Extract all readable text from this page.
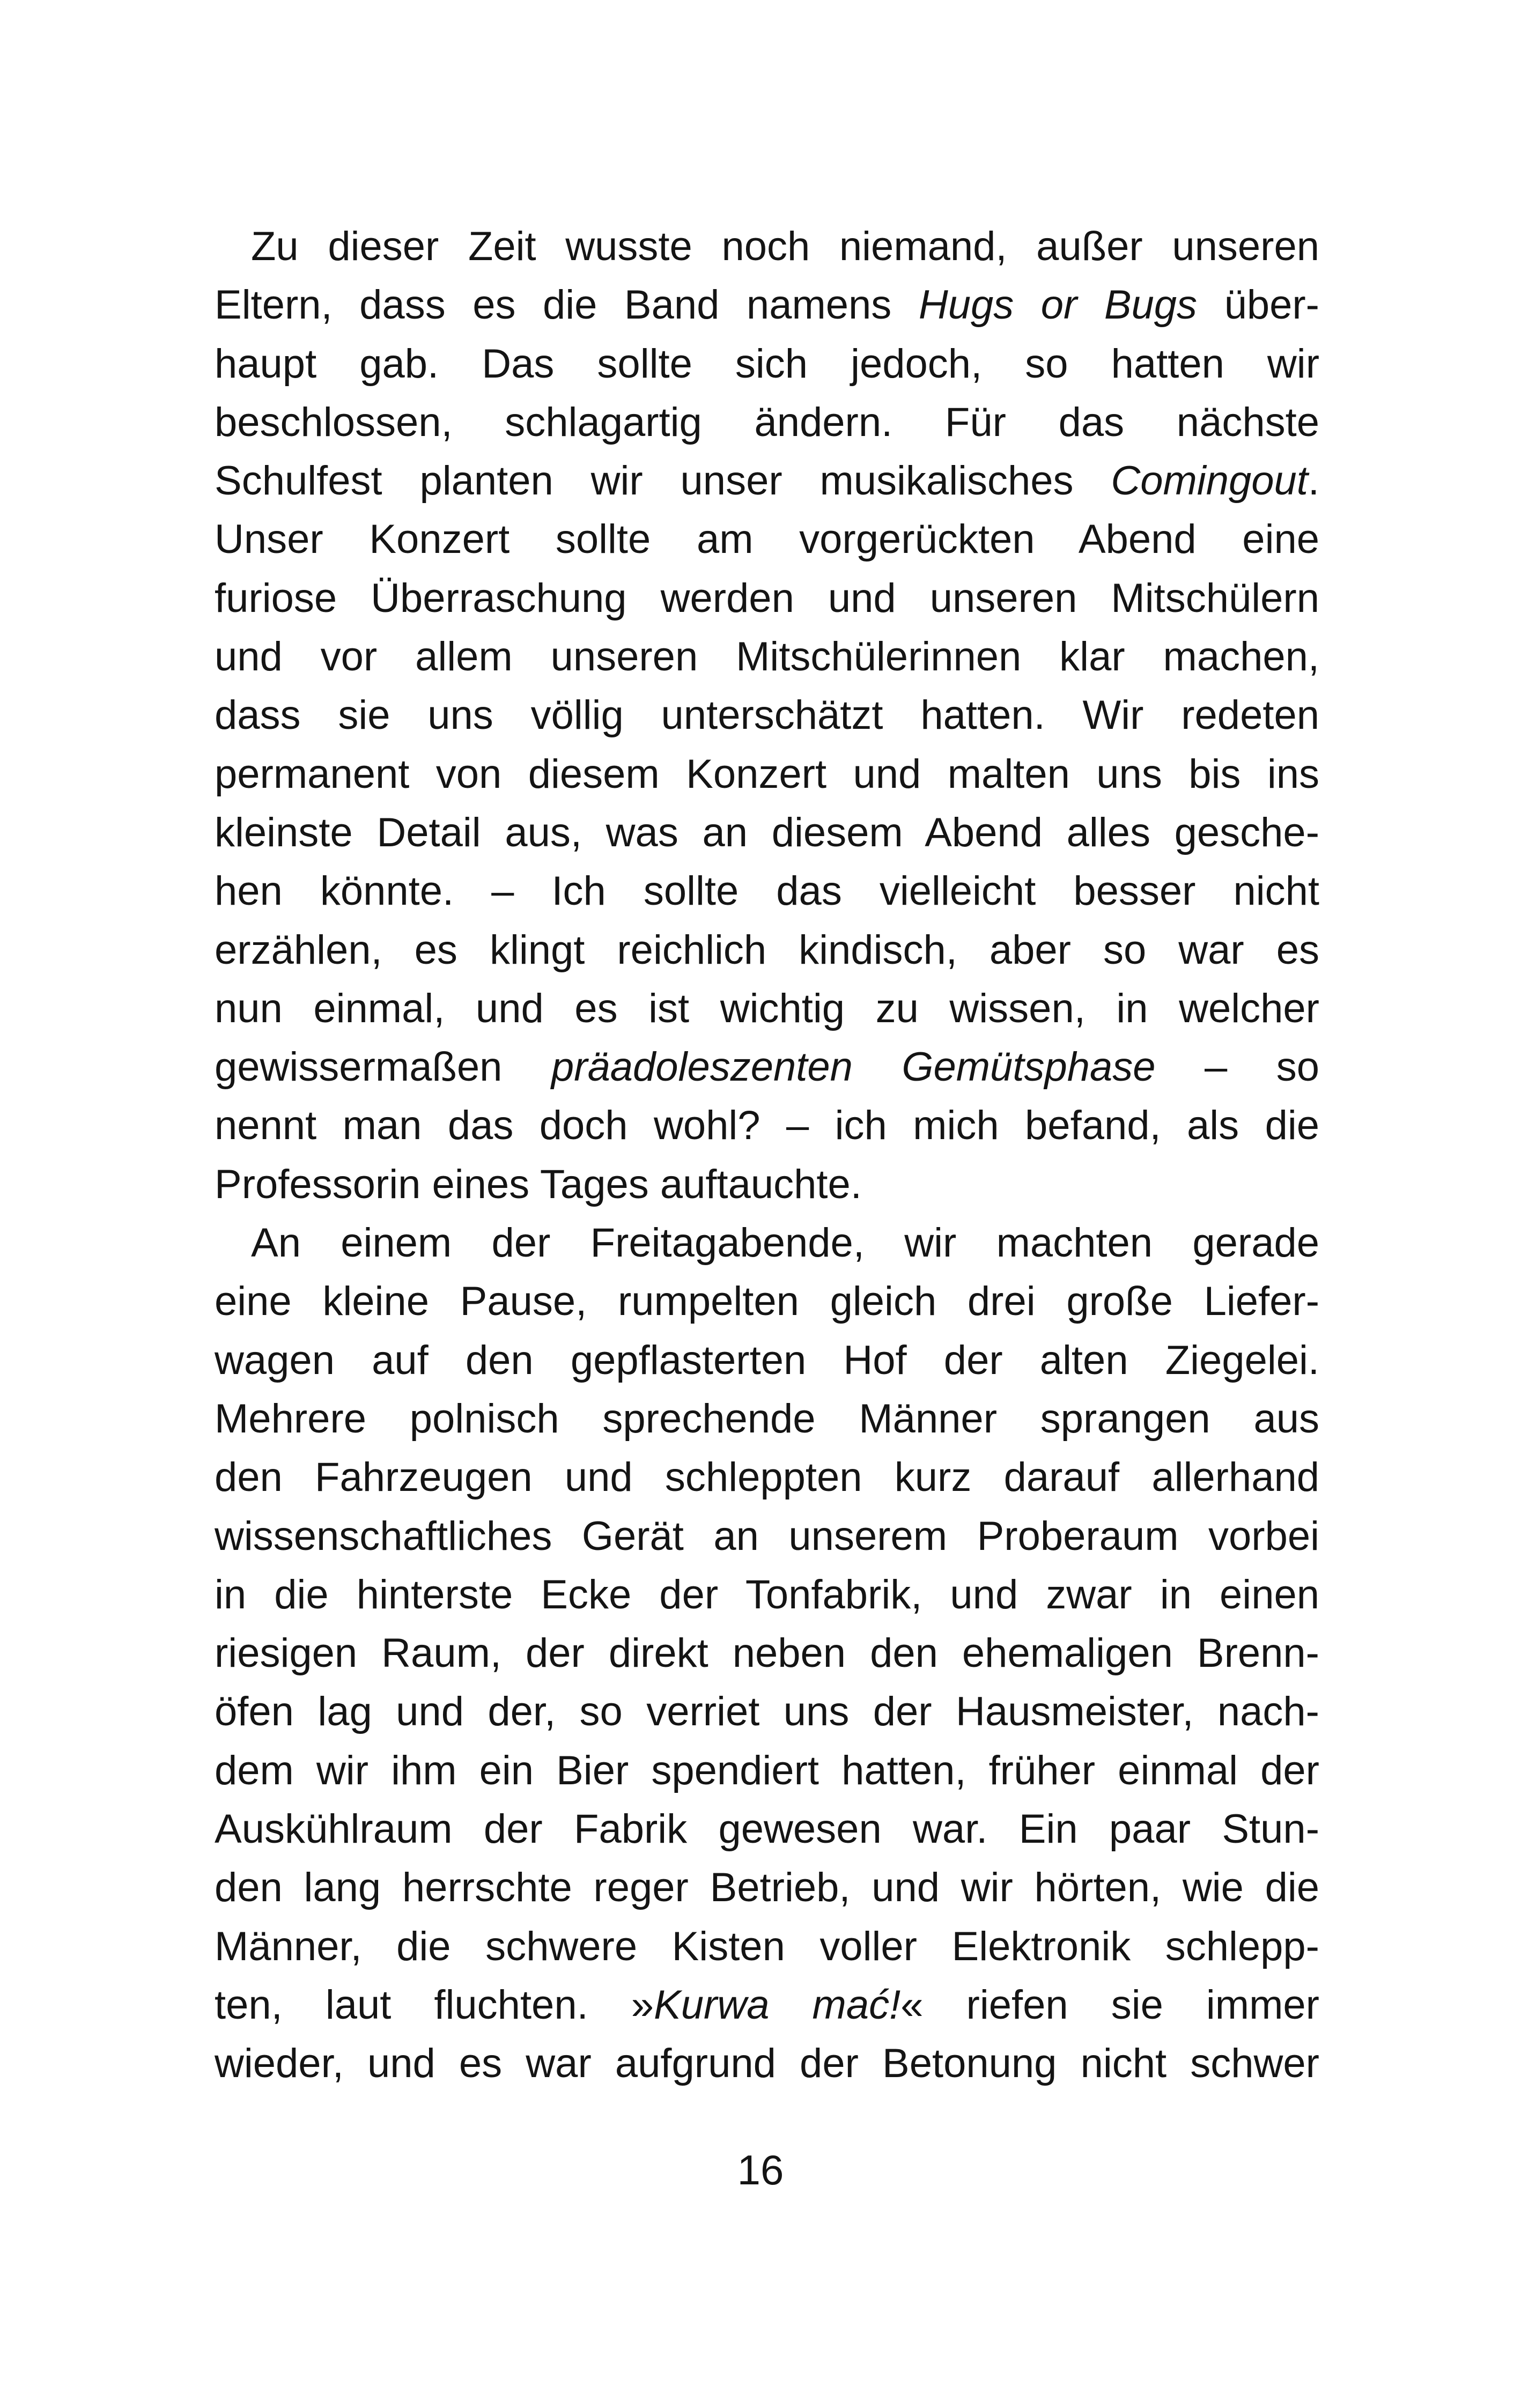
Zu dieser Zeit wusste noch niemand, außer unseren
Eltern, dass es die Band namens Hugs or Bugs über-
haupt gab. Das sollte sich jedoch, so hatten wir
beschlossen, schlagartig ändern. Für das nächste
Schulfest planten wir unser musikalisches Comingout.
Unser Konzert sollte am vorgerückten Abend eine
furiose Überraschung werden und unseren Mitschülern
und vor allem unseren Mitschülerinnen klar machen,
dass sie uns völlig unterschätzt hatten. Wir redeten
permanent von diesem Konzert und malten uns bis ins
kleinste Detail aus, was an diesem Abend alles gesche-
hen könnte. – Ich sollte das vielleicht besser nicht
erzählen, es klingt reichlich kindisch, aber so war es
nun einmal, und es ist wichtig zu wissen, in welcher
gewissermaßen präadoleszenten Gemütsphase – so
nennt man das doch wohl? – ich mich befand, als die
Professorin eines Tages auftauchte.
An einem der Freitagabende, wir machten gerade
eine kleine Pause, rumpelten gleich drei große Liefer-
wagen auf den gepflasterten Hof der alten Ziegelei.
Mehrere polnisch sprechende Männer sprangen aus
den Fahrzeugen und schleppten kurz darauf allerhand
wissenschaftliches Gerät an unserem Proberaum vorbei
in die hinterste Ecke der Tonfabrik, und zwar in einen
riesigen Raum, der direkt neben den ehemaligen Brenn-
öfen lag und der, so verriet uns der Hausmeister, nach-
dem wir ihm ein Bier spendiert hatten, früher einmal der
Auskühlraum der Fabrik gewesen war. Ein paar Stun-
den lang herrschte reger Betrieb, und wir hörten, wie die
Männer, die schwere Kisten voller Elektronik schlepp-
ten, laut fluchten. »Kurwa mać!« riefen sie immer
wieder, und es war aufgrund der Betonung nicht schwer
16
